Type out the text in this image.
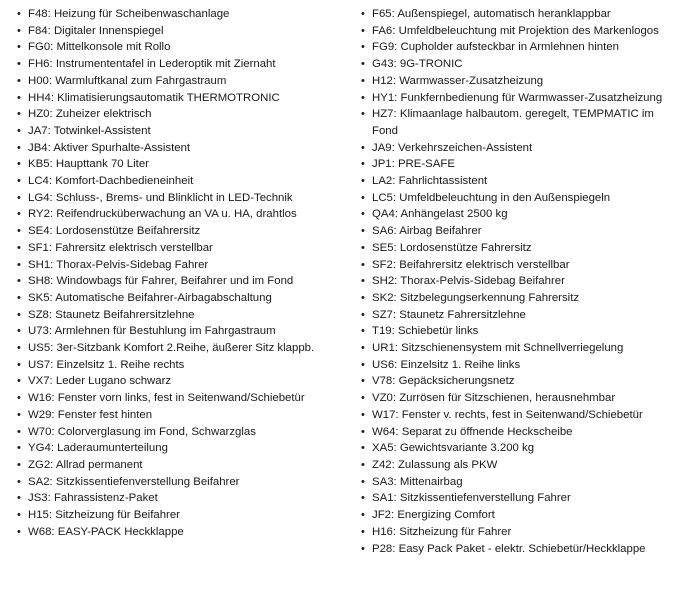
• F48: Heizung für Scheibenwaschanlage
• F84: Digitaler Innenspiegel
• FG0: Mittelkonsole mit Rollo
• FH6: Instrumententafel in Lederoptik mit Ziernaht
• H00: Warmluftkanal zum Fahrgastraum
• HH4: Klimatisierungsautomatik THERMOTRONIC
• HZ0: Zuheizer elektrisch
• JA7: Totwinkel-Assistent
• JB4: Aktiver Spurhalte-Assistent
• KB5: Haupttank 70 Liter
• LC4: Komfort-Dachbedieneinheit
• LG4: Schluss-, Brems- und Blinklicht in LED-Technik
• RY2: Reifendrucküberwachung an VA u. HA, drahtlos
• SE4: Lordosenstütze Beifahrersitz
• SF1: Fahrersitz elektrisch verstellbar
• SH1: Thorax-Pelvis-Sidebag Fahrer
• SH8: Windowbags für Fahrer, Beifahrer und im Fond
• SK5: Automatische Beifahrer-Airbagabschaltung
• SZ8: Staunetz Beifahrersitzlehne
• U73: Armlehnen für Bestuhlung im Fahrgastraum
• US5: 3er-Sitzbank Komfort 2.Reihe, äußerer Sitz klappb.
• US7: Einzelsitz 1. Reihe rechts
• VX7: Leder Lugano schwarz
• W16: Fenster vorn links, fest in Seitenwand/Schiebetür
• W29: Fenster fest hinten
• W70: Colorverglasung im Fond, Schwarzglas
• YG4: Laderaumunterteilung
• ZG2: Allrad permanent
• SA2: Sitzkissentiefenverstellung Beifahrer
• JS3: Fahrassistenz-Paket
• H15: Sitzheizung für Beifahrer
• W68: EASY-PACK Heckklappe
• F65: Außenspiegel, automatisch heranklappbar
• FA6: Umfeldbeleuchtung mit Projektion des Markenlogos
• FG9: Cupholder aufsteckbar in Armlehnen hinten
• G43: 9G-TRONIC
• H12: Warmwasser-Zusatzheizung
• HY1: Funkfernbedienung für Warmwasser-Zusatzheizung
• HZ7: Klimaanlage halbautom. geregelt, TEMPMATIC im Fond
• JA9: Verkehrszeichen-Assistent
• JP1: PRE-SAFE
• LA2: Fahrlichtassistent
• LC5: Umfeldbeleuchtung in den Außenspiegeln
• QA4: Anhängelast 2500 kg
• SA6: Airbag Beifahrer
• SE5: Lordosenstütze Fahrersitz
• SF2: Beifahrersitz elektrisch verstellbar
• SH2: Thorax-Pelvis-Sidebag Beifahrer
• SK2: Sitzbelegungserkennung Fahrersitz
• SZ7: Staunetz Fahrersitzlehne
• T19: Schiebetür links
• UR1: Sitzschienensystem mit Schnellverriegelung
• US6: Einzelsitz 1. Reihe links
• V78: Gepäcksicherungsnetz
• VZ0: Zurrösen für Sitzschienen, herausnehmbar
• W17: Fenster v. rechts, fest in Seitenwand/Schiebetür
• W64: Separat zu öffnende Heckscheibe
• XA5: Gewichtsvariante 3.200 kg
• Z42: Zulassung als PKW
• SA3: Mittenairbag
• SA1: Sitzkissentiefenverstellung Fahrer
• JF2: Energizing Comfort
• H16: Sitzheizung für Fahrer
• P28: Easy Pack Paket - elektr. Schiebetür/Heckklappe
